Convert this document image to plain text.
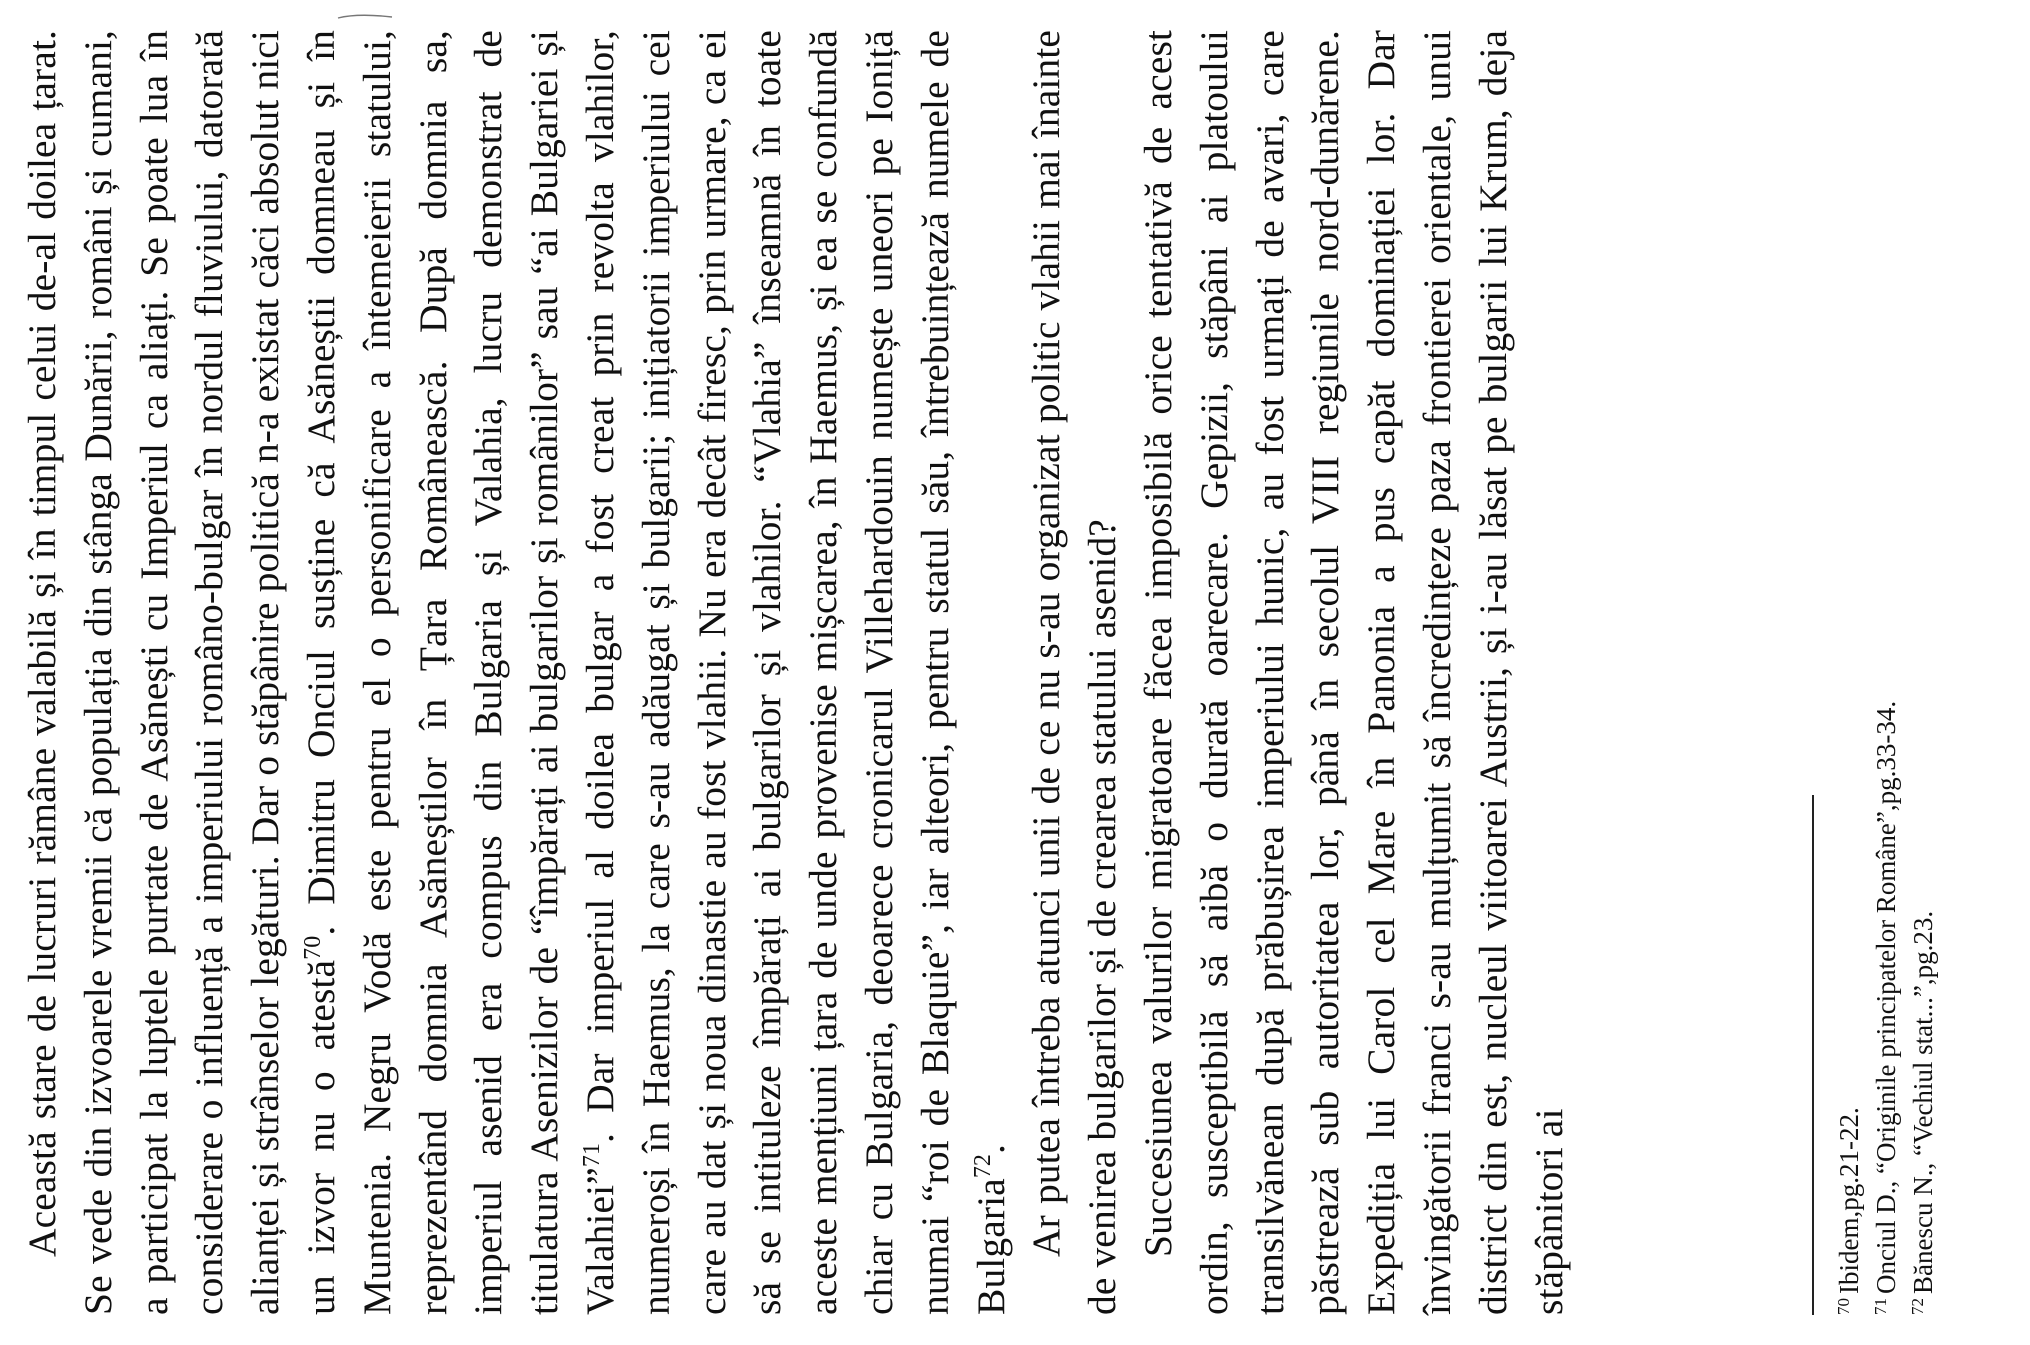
Această stare de lucruri rămâne valabilă și în timpul celui de-al doilea țarat. Se vede din izvoarele vremii că populația din stânga Dunării, români și cumani, a participat la luptele purtate de Asănești cu Imperiul ca aliați. Se poate lua în considerare o influență a imperiului româno-bulgar în nordul fluviului, datorată alianței și strânselor legături. Dar o stăpânire politică n-a existat căci absolut nici un izvor nu o atestă$^{70}$. Dimitru Onciul susține că Asăneștii domneau și în Muntenia. Negru Vodă este pentru el o personificare a întemeierii statului, reprezentând domnia Asăneștilor în Țara Românească. După domnia sa, imperiul asenid era compus din Bulgaria și Valahia, lucru demonstrat de titulatura Asenizilor de “împărați ai bulgarilor și românilor” sau “ai Bulgariei și Valahiei”$^{71}$. Dar imperiul al doilea bulgar a fost creat prin revolta vlahilor, numeroși în Haemus, la care s-au adăugat și bulgarii; inițiatorii imperiului cei care au dat și noua dinastie au fost vlahii. Nu era decât firesc, prin urmare, ca ei să se intituleze împărați ai bulgarilor și vlahilor. “Vlahia” înseamnă în toate aceste mențiuni țara de unde provenise mișcarea, în Haemus, și ea se confundă chiar cu Bulgaria, deoarece cronicarul Villehardouin numește uneori pe Ioniță numai “roi de Blaquie”, iar alteori, pentru statul său, întrebuințează numele de Bulgaria$^{72}$. Ar putea întreba atunci unii de ce nu s-au organizat politic vlahii mai înainte de venirea bulgarilor și de crearea statului asenid? Succesiunea valurilor migratoare făcea imposibilă orice tentativă de acest ordin, susceptibilă să aibă o durată oarecare. Gepizii, stăpâni ai platoului transilvănean după prăbușirea imperiului hunic, au fost urmați de avari, care păstrează sub autoritatea lor, până în secolul VIII regiunile nord-dunărene. Expediția lui Carol cel Mare în Panonia a pus capăt dominației lor. Dar învingătorii franci s-au mulțumit să încredințeze paza frontierei orientale, unui district din est, nucleul viitoarei Austrii, și i-au lăsat pe bulgarii lui Krum, deja stăpânitori ai	$^{70}$Ibidem,pg.21-22.
$^{71}$Onciul D., “Originile principatelor Române”,pg.33-34.
$^{72}$Bănescu N., “Vechiul stat...”,pg.23.
